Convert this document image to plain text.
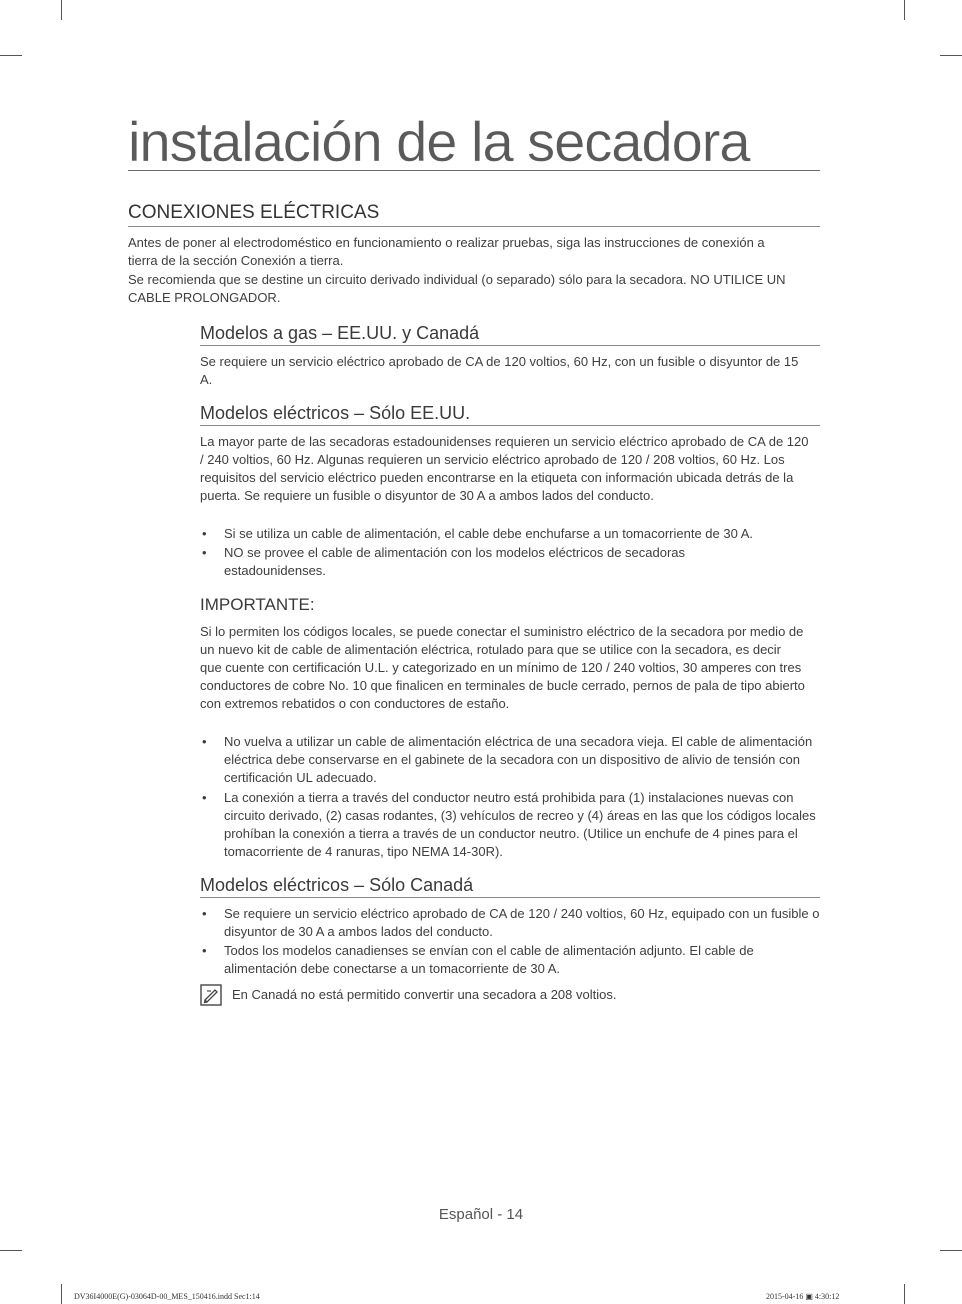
instalación de la secadora
CONEXIONES ELÉCTRICAS

Antes de poner al electrodoméstico en funcionamiento o realizar pruebas, siga las instrucciones de conexión a tierra de la sección Conexión a tierra.

Se recomienda que se destine un circuito derivado individual (o separado) sólo para la secadora. NO UTILICE UN CABLE PROLONGADOR.

Modelos a gas – EE.UU. y Canadá

Se requiere un servicio eléctrico aprobado de CA de 120 voltios, 60 Hz, con un fusible o disyuntor de 15 A.

Modelos eléctricos – Sólo EE.UU.

La mayor parte de las secadoras estadounidenses requieren un servicio eléctrico aprobado de CA de 120 / 240 voltios, 60 Hz. Algunas requieren un servicio eléctrico aprobado de 120 / 208 voltios, 60 Hz. Los requisitos del servicio eléctrico pueden encontrarse en la etiqueta con información ubicada detrás de la puerta. Se requiere un fusible o disyuntor de 30 A a ambos lados del conducto.

• Si se utiliza un cable de alimentación, el cable debe enchufarse a un tomacorriente de 30 A.
• NO se provee el cable de alimentación con los modelos eléctricos de secadoras estadounidenses.
IMPORTANTE:

Si lo permiten los códigos locales, se puede conectar el suministro eléctrico de la secadora por medio de un nuevo kit de cable de alimentación eléctrica, rotulado para que se utilice con la secadora, es decir que cuente con certificación U.L. y categorizado en un mínimo de 120 / 240 voltios, 30 amperes con tres conductores de cobre No. 10 que finalicen en terminales de bucle cerrado, pernos de pala de tipo abierto con extremos rebatidos o con conductores de estaño.

• No vuelva a utilizar un cable de alimentación eléctrica de una secadora vieja. El cable de alimentación eléctrica debe conservarse en el gabinete de la secadora con un dispositivo de alivio de tensión con certificación UL adecuado.
• La conexión a tierra a través del conductor neutro está prohibida para (1) instalaciones nuevas con circuito derivado, (2) casas rodantes, (3) vehículos de recreo y (4) áreas en las que los códigos locales prohíban la conexión a tierra a través de un conductor neutro. (Utilice un enchufe de 4 pines para el tomacorriente de 4 ranuras, tipo NEMA 14-30R).
Modelos eléctricos – Sólo Canadá
• Se requiere un servicio eléctrico aprobado de CA de 120 / 240 voltios, 60 Hz, equipado con un fusible o disyuntor de 30 A a ambos lados del conducto.
• Todos los modelos canadienses se envían con el cable de alimentación adjunto. El cable de alimentación debe conectarse a un tomacorriente de 30 A.
En Canadá no está permitido convertir una secadora a 208 voltios.
Español - 14
DV36I4000E(G)-03064D-00_MES_150416.indd Sec1:14	2015-04-16 ▣ 4:30:12
